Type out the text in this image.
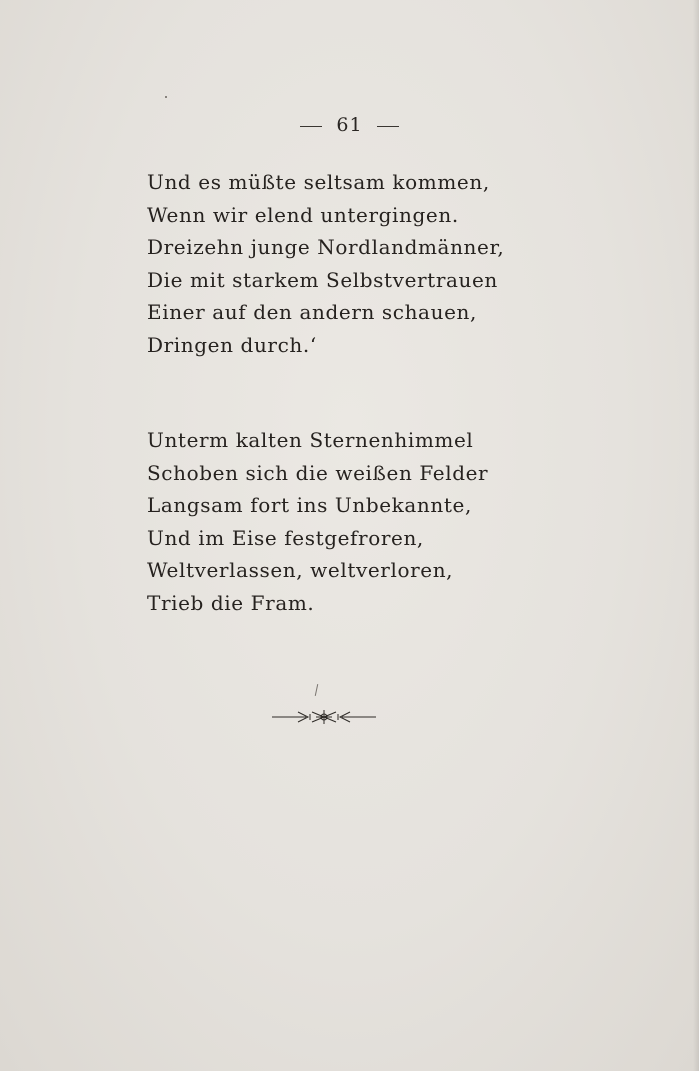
61
Und es müßte seltsam kommen,
Wenn wir elend untergingen.
Dreizehn junge Nordlandmänner,
Die mit starkem Selbstvertrauen
Einer auf den andern schauen,
Dringen durch.‘
Unterm kalten Sternenhimmel
Schoben sich die weißen Felder
Langsam fort ins Unbekannte,
Und im Eise festgefroren,
Weltverlassen, weltverloren,
Trieb die Fram.
